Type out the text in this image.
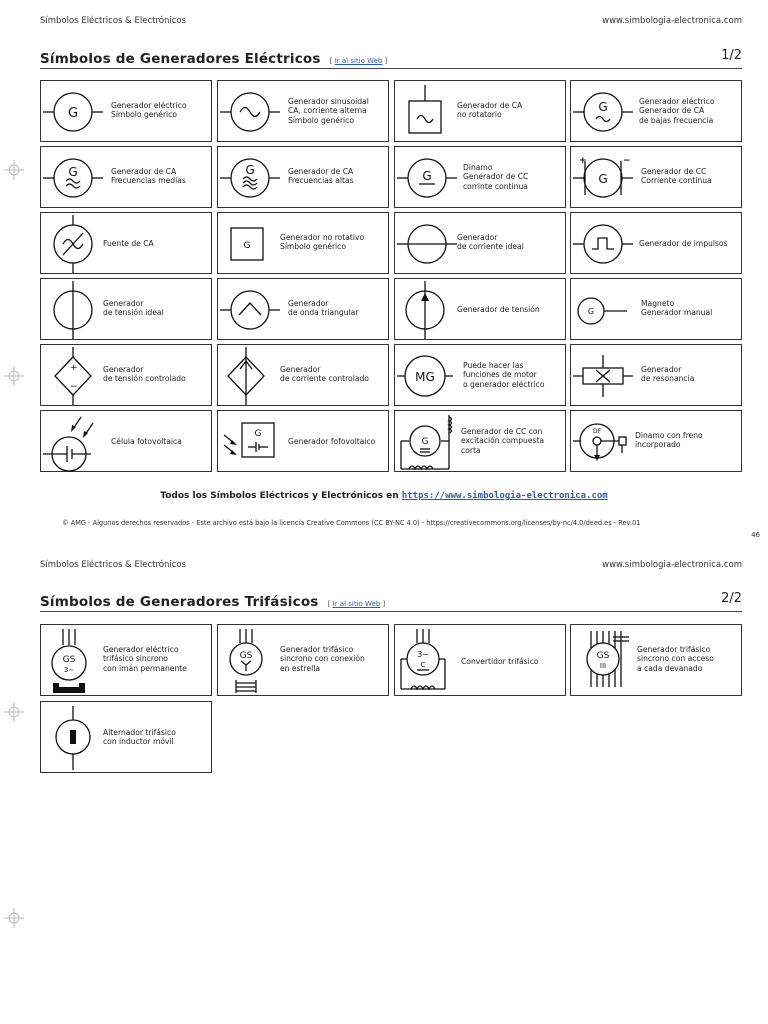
Símbolos Eléctricos & Electrónicos	www.simbologia-electronica.com
Símbolos de Generadores Eléctricos [ Ir al sitio Web ]	1/2
G
Generador eléctrico
Símbolo genérico
Generador sinusoidal
CA, corriente alterna
Símbolo genérico
Generador de CA
no rotatorio
G	Generador eléctrico
Generador de CA
de bajas frecuencia
G	Generador de CA
Frecuencias medias
G	Generador de CA
Frecuencias altas	G
Dinamo
Generador de CC
corrinte continua
G
+	−
Generador de CC
Corriente continua
Fuente de CA	G
Generador no rotativo
Símbolo genérico
Generador
de corriente ideal	Generador de impulsos
Generador
de tensión ideal
Generador
de onda triangular	Generador de tensión	G
Magneto
Generador manual
+
−
Generador
de tensión controlado
Generador
de corriente controlado	MG
Puede hacer las
funciones de motor
o generador eléctrico
Generador
de resonancia
Célula fotovoltaica
G
Generador fofovoltaico	G
Generador de CC con
excitación compuesta
corta
DF	Dinamo con freno
incorporado
Todos los Símbolos Eléctricos y Electrónicos en https://www.simbologia-electronica.com
© AMG - Algunos derechos reservados - Este archivo está bajo la licencia Creative Commons (CC BY-NC 4.0) - https://creativecommons.org/licenses/by-nc/4.0/deed.es - Rev.01
46
Símbolos Eléctricos & Electrónicos	www.simbologia-electronica.com
Símbolos de Generadores Trifásicos [ Ir al sitio Web ]	2/2
GS
3∼
Generador eléctrico
trifásico sincrono
con imán permanente
GS
Generador trifásico
sincrono con conexión
en estrella
3∼
C	Convertidor trifásico
GS
III
Generador trifásico
sincrono con acceso
a cada devanado
Alternador trifásico
con inductor móvil
